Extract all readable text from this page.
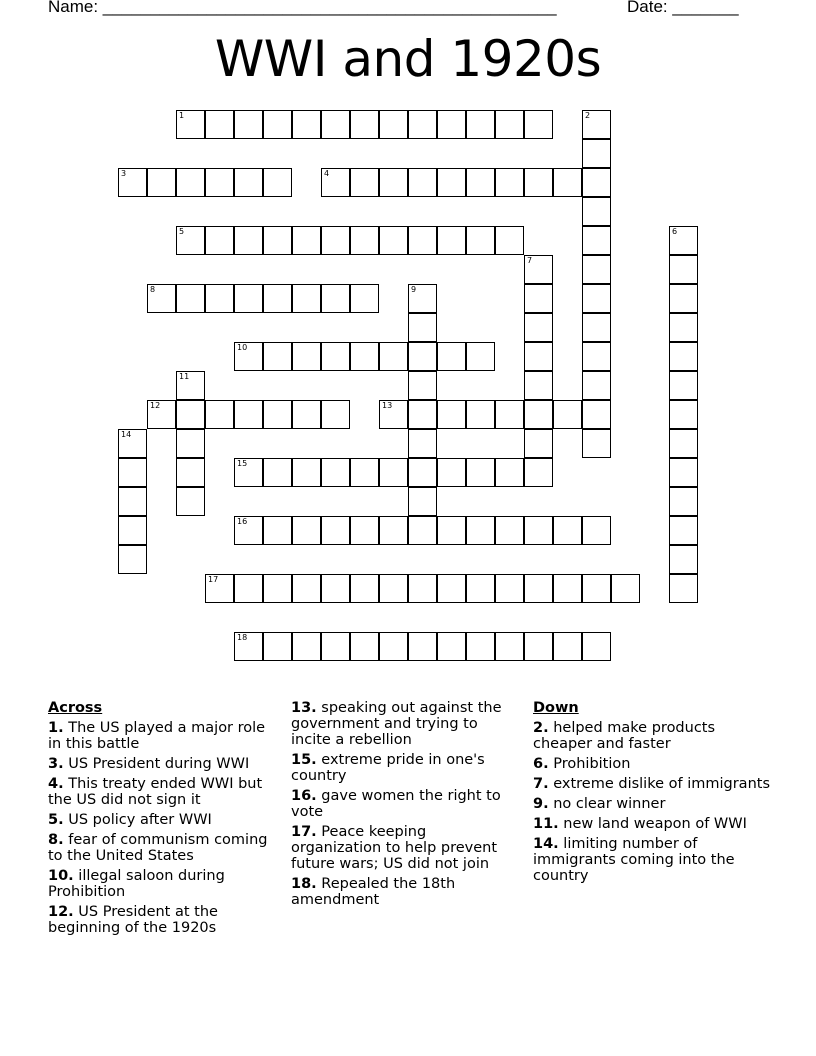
Name: ________________________________________________	Date: _______
WWI and 1920s
1	2
3	4
5	6
7
8	9
10
11
12	13
14
15
16
17
18
Across
1. The US played a major role in this battle
3. US President during WWI
4. This treaty ended WWI but the US did not sign it
5. US policy after WWI
8. fear of communism coming to the United States
10. illegal saloon during Prohibition
12. US President at the beginning of the 1920s
13. speaking out against the government and trying to incite a rebellion
15. extreme pride in one's country
16. gave women the right to vote
17. Peace keeping organization to help prevent future wars; US did not join
18. Repealed the 18th amendment
Down
2. helped make products cheaper and faster
6. Prohibition
7. extreme dislike of immigrants
9. no clear winner
11. new land weapon of WWI
14. limiting number of immigrants coming into the country
